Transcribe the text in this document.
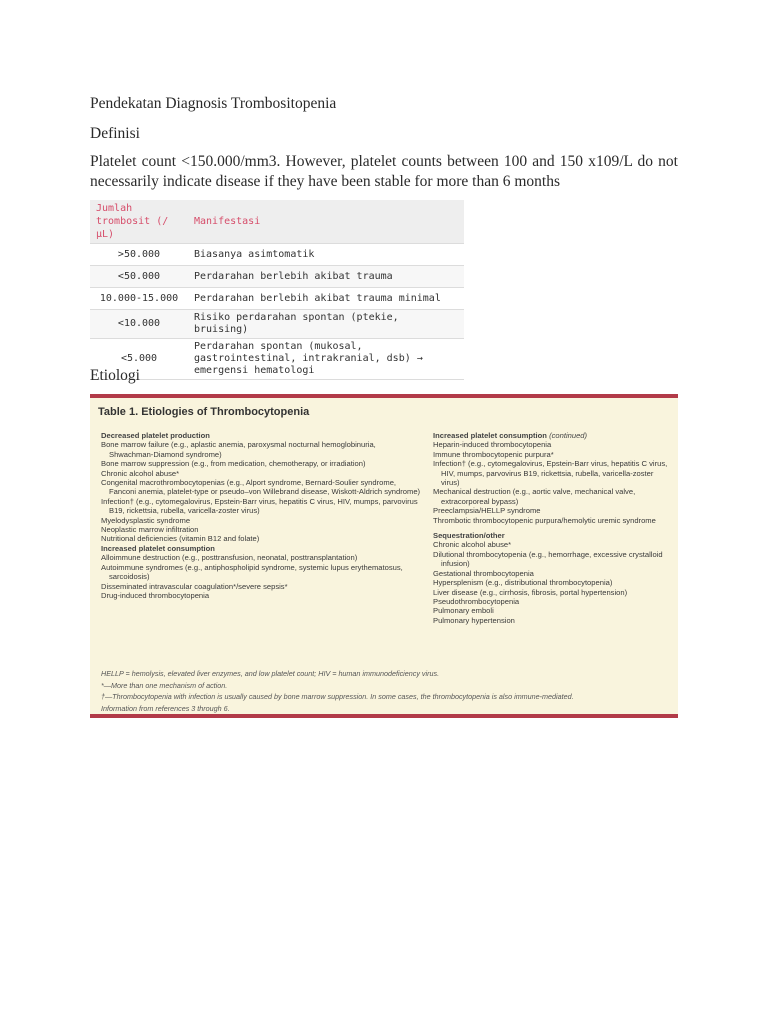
Pendekatan Diagnosis Trombositopenia
Definisi
Platelet count <150.000/mm3. However, platelet counts between 100 and 150 x109/L do not necessarily indicate disease if they have been stable for more than 6 months
Jumlah trombosit (/µL)	Manifestasi
>50.000	Biasanya asimtomatik
<50.000	Perdarahan berlebih akibat trauma
10.000-15.000	Perdarahan berlebih akibat trauma minimal
<10.000	Risiko perdarahan spontan (ptekie, bruising)
<5.000	Perdarahan spontan (mukosal, gastrointestinal, intrakranial, dsb) → emergensi hematologi
Etiologi
Table 1. Etiologies of Thrombocytopenia
Decreased platelet production
Bone marrow failure (e.g., aplastic anemia, paroxysmal nocturnal hemoglobinuria, Shwachman-Diamond syndrome)
Bone marrow suppression (e.g., from medication, chemotherapy, or irradiation)
Chronic alcohol abuse*
Congenital macrothrombocytopenias (e.g., Alport syndrome, Bernard-Soulier syndrome, Fanconi anemia, platelet-type or pseudo–von Willebrand disease, Wiskott-Aldrich syndrome)
Infection† (e.g., cytomegalovirus, Epstein-Barr virus, hepatitis C virus, HIV, mumps, parvovirus B19, rickettsia, rubella, varicella-zoster virus)
Myelodysplastic syndrome
Neoplastic marrow infiltration
Nutritional deficiencies (vitamin B12 and folate)
Increased platelet consumption
Alloimmune destruction (e.g., posttransfusion, neonatal, posttransplantation)
Autoimmune syndromes (e.g., antiphospholipid syndrome, systemic lupus erythematosus, sarcoidosis)
Disseminated intravascular coagulation*/severe sepsis*
Drug-induced thrombocytopenia
Increased platelet consumption (continued)
Heparin-induced thrombocytopenia
Immune thrombocytopenic purpura*
Infection† (e.g., cytomegalovirus, Epstein-Barr virus, hepatitis C virus, HIV, mumps, parvovirus B19, rickettsia, rubella, varicella-zoster virus)
Mechanical destruction (e.g., aortic valve, mechanical valve, extracorporeal bypass)
Preeclampsia/HELLP syndrome
Thrombotic thrombocytopenic purpura/hemolytic uremic syndrome
Sequestration/other
Chronic alcohol abuse*
Dilutional thrombocytopenia (e.g., hemorrhage, excessive crystalloid infusion)
Gestational thrombocytopenia
Hypersplenism (e.g., distributional thrombocytopenia)
Liver disease (e.g., cirrhosis, fibrosis, portal hypertension)
Pseudothrombocytopenia
Pulmonary emboli
Pulmonary hypertension
HELLP = hemolysis, elevated liver enzymes, and low platelet count; HIV = human immunodeficiency virus.
*—More than one mechanism of action.
†—Thrombocytopenia with infection is usually caused by bone marrow suppression. In some cases, the thrombocytopenia is also immune-mediated.
Information from references 3 through 6.
